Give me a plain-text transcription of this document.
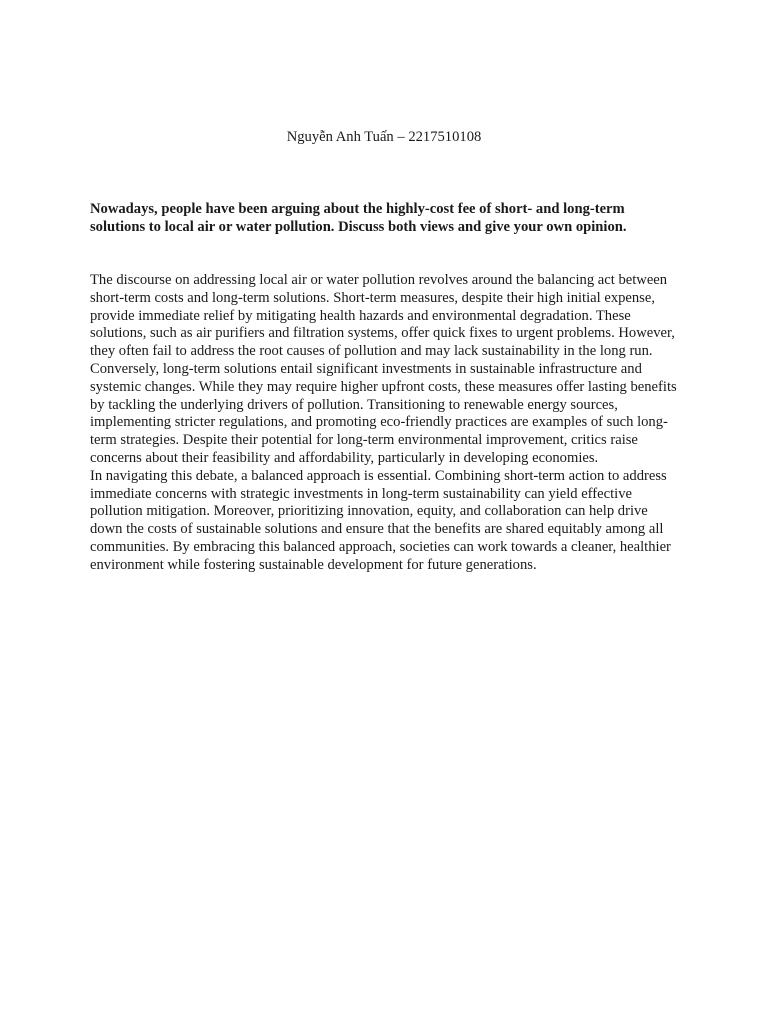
Nguyễn Anh Tuấn – 2217510108

Nowadays, people have been arguing about the highly-cost fee of short- and long-term solutions to local air or water pollution. Discuss both views and give your own opinion.

The discourse on addressing local air or water pollution revolves around the balancing act between short-term costs and long-term solutions. Short-term measures, despite their high initial expense, provide immediate relief by mitigating health hazards and environmental degradation. These solutions, such as air purifiers and filtration systems, offer quick fixes to urgent problems. However, they often fail to address the root causes of pollution and may lack sustainability in the long run.

Conversely, long-term solutions entail significant investments in sustainable infrastructure and systemic changes. While they may require higher upfront costs, these measures offer lasting benefits by tackling the underlying drivers of pollution. Transitioning to renewable energy sources, implementing stricter regulations, and promoting eco-friendly practices are examples of such long-term strategies. Despite their potential for long-term environmental improvement, critics raise concerns about their feasibility and affordability, particularly in developing economies.

In navigating this debate, a balanced approach is essential. Combining short-term action to address immediate concerns with strategic investments in long-term sustainability can yield effective pollution mitigation. Moreover, prioritizing innovation, equity, and collaboration can help drive down the costs of sustainable solutions and ensure that the benefits are shared equitably among all communities. By embracing this balanced approach, societies can work towards a cleaner, healthier environment while fostering sustainable development for future generations.
